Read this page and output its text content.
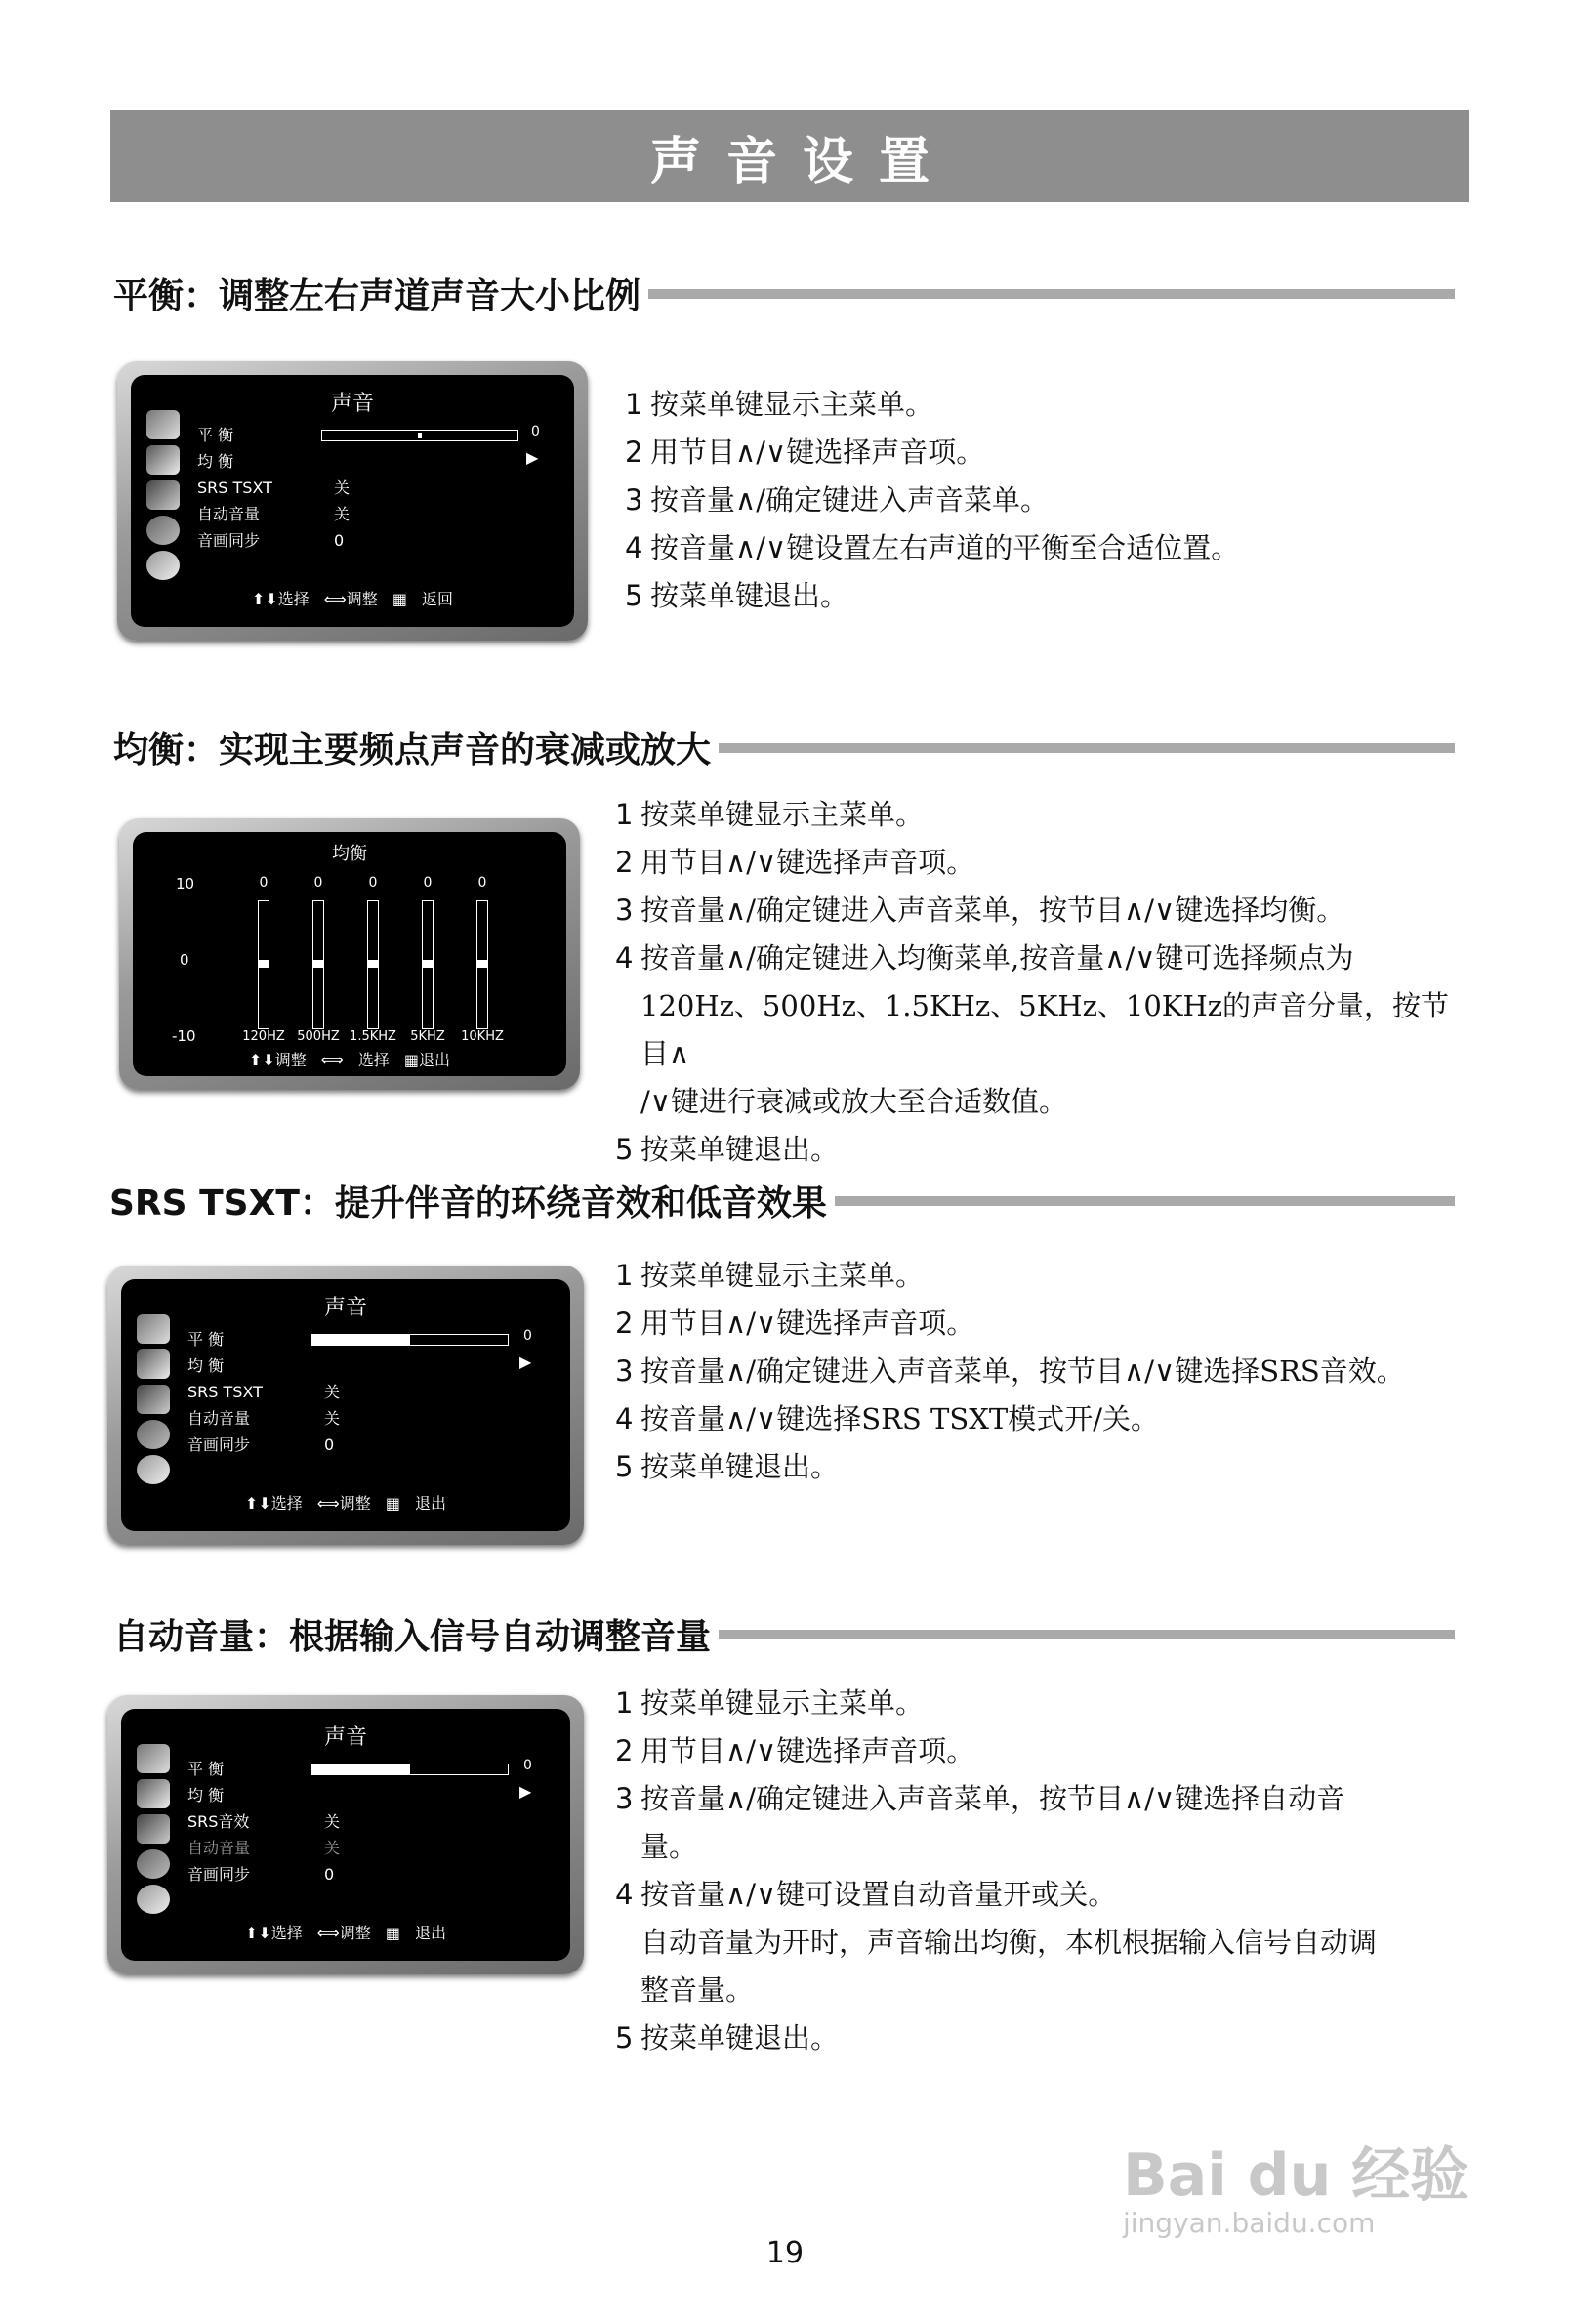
声音设置
平衡：调整左右声道声音大小比例
声音
平 衡
均 衡
SRS TSXT	关
自动音量	关
音画同步	0
0
▶
⬆⬇选择 ⟺调整 ▦ 返回
1 按菜单键显示主菜单。
2 用节目∧/∨键选择声音项。
3 按音量∧/确定键进入声音菜单。
4 按音量∧/∨键设置左右声道的平衡至合适位置。
5 按菜单键退出。
均衡：实现主要频点声音的衰减或放大
均衡
10
0
-10
0
120HZ
0
500HZ
0
1.5KHZ
0
5KHZ
0
10KHZ
⬆⬇调整 ⟺ 选择 ▦退出
1 按菜单键显示主菜单。
2 用节目∧/∨键选择声音项。
3 按音量∧/确定键进入声音菜单，按节目∧/∨键选择均衡。
4 按音量∧/确定键进入均衡菜单,按音量∧/∨键可选择频点为
120Hz、500Hz、1.5KHz、5KHz、10KHz的声音分量，按节目∧
/∨键进行衰减或放大至合适数值。
5 按菜单键退出。
SRS TSXT：提升伴音的环绕音效和低音效果
声音
平 衡
均 衡
SRS TSXT	关
自动音量	关
音画同步	0
0
▶
⬆⬇选择 ⟺调整 ▦ 退出
1 按菜单键显示主菜单。
2 用节目∧/∨键选择声音项。
3 按音量∧/确定键进入声音菜单，按节目∧/∨键选择SRS音效。
4 按音量∧/∨键选择SRS TSXT模式开/关。
5 按菜单键退出。
自动音量：根据输入信号自动调整音量
声音
平 衡
均 衡
SRS音效	关
自动音量	关
音画同步	0
0
▶
⬆⬇选择 ⟺调整 ▦ 退出
1 按菜单键显示主菜单。
2 用节目∧/∨键选择声音项。
3 按音量∧/确定键进入声音菜单，按节目∧/∨键选择自动音
量。
4 按音量∧/∨键可设置自动音量开或关。
自动音量为开时，声音输出均衡，本机根据输入信号自动调
整音量。
5 按菜单键退出。
Bai du 经验
jingyan.baidu.com
19
